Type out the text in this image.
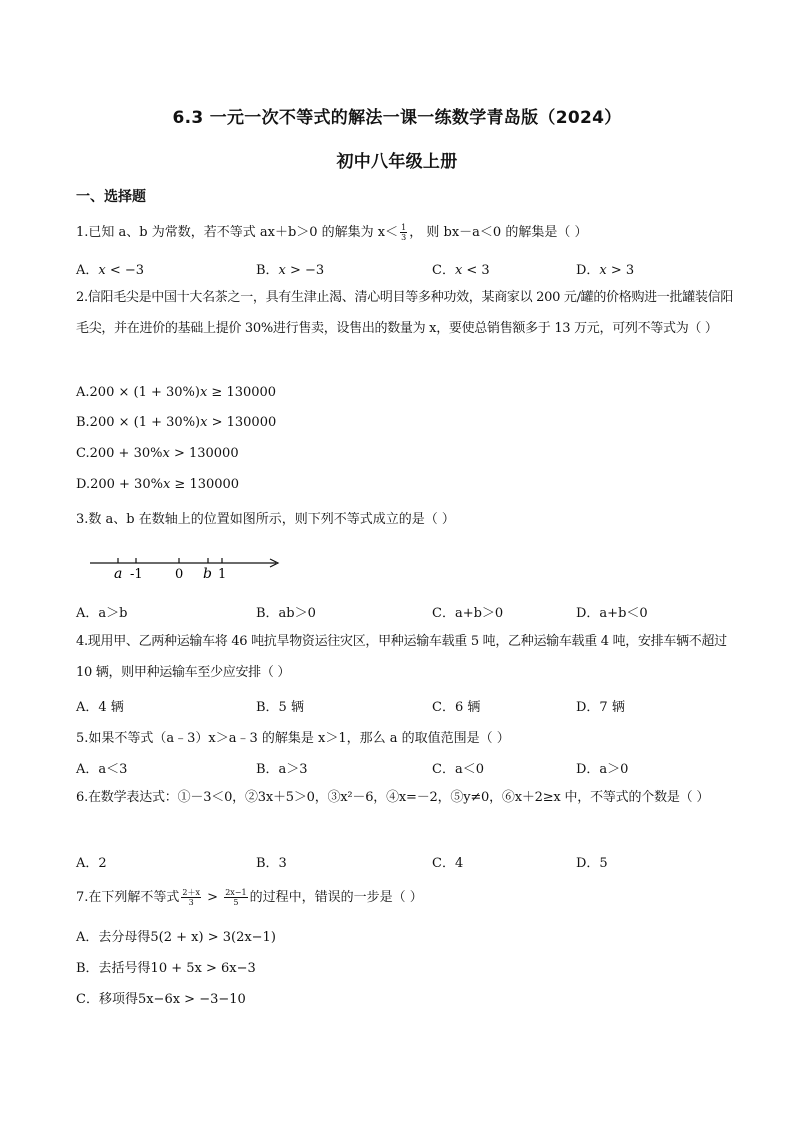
6.3 一元一次不等式的解法一课一练数学青岛版（2024）
初中八年级上册
一、选择题
1.已知 a、b 为常数，若不等式 ax＋b＞0 的解集为 $x< \frac{1}{3}$ ， 则 bx－a＜0 的解集是（ ）
A．𝑥 < −3	B．𝑥 > −3	C．𝑥 < 3	D．𝑥 > 3
2.信阳毛尖是中国十大名茶之一，具有生津止渴、清心明目等多种功效，某商家以 200 元/罐的价格购进一批罐装信阳毛尖，并在进价的基础上提价 30%进行售卖，设售出的数量为 x，要使总销售额多于 13 万元，可列不等式为（ ）
A.200 × (1 + 30%)𝑥 ≥ 130000
B.200 × (1 + 30%)𝑥 > 130000
C.200 + 30%𝑥 > 130000
D.200 + 30%𝑥 ≥ 130000
3.数 a、b 在数轴上的位置如图所示，则下列不等式成立的是（ ）
a -1 0 b 1
A．a＞b	B．ab＞0	C．a+b＞0	D．a+b＜0
4.现用甲、乙两种运输车将 46 吨抗旱物资运往灾区，甲种运输车载重 5 吨，乙种运输车载重 4 吨，安排车辆不超过 10 辆，则甲种运输车至少应安排（ ）
A．4 辆	B．5 辆	C．6 辆	D．7 辆
5.如果不等式（a﹣3）x＞a﹣3 的解集是 x＞1，那么 a 的取值范围是（ ）
A．a＜3	B．a＞3	C．a＜0	D．a＞0
6.在数学表达式：①－3＜0，②3x＋5＞0，③x²－6，④x=－2，⑤y≠0，⑥x＋2≥x 中，不等式的个数是（ ）
A．2	B．3	C．4	D．5
7.在下列解不等式 $\frac{2+x}{3} > \frac{2x-1}{5}$ 的过程中，错误的一步是（ ）
A．去分母得5(2 + x) > 3(2x−1)
B．去括号得10 + 5x > 6x−3
C．移项得5x−6x > −3−10
